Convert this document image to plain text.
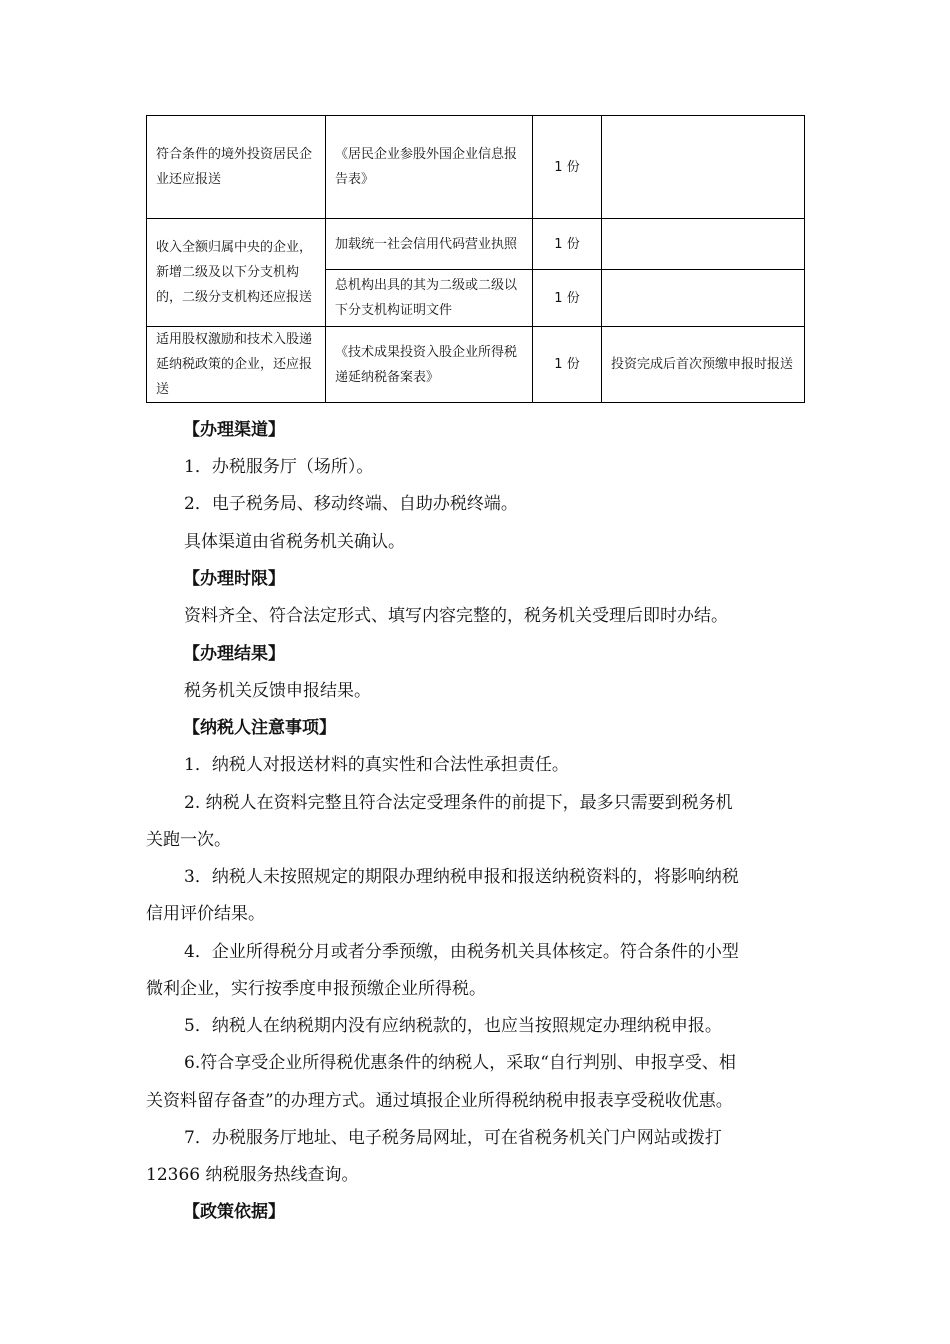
符合条件的境外投资居民企业还应报送	《居民企业参股外国企业信息报告表》	1 份	
收入全额归属中央的企业，新增二级及以下分支机构的，二级分支机构还应报送	加载统一社会信用代码营业执照	1 份	
	总机构出具的其为二级或二级以下分支机构证明文件	1 份	
适用股权激励和技术入股递延纳税政策的企业，还应报送	《技术成果投资入股企业所得税递延纳税备案表》	1 份	投资完成后首次预缴申报时报送
【办理渠道】
1．办税服务厅（场所）。
2．电子税务局、移动终端、自助办税终端。
具体渠道由省税务机关确认。
【办理时限】
资料齐全、符合法定形式、填写内容完整的，税务机关受理后即时办结。
【办理结果】
税务机关反馈申报结果。
【纳税人注意事项】
1．纳税人对报送材料的真实性和合法性承担责任。
2. 纳税人在资料完整且符合法定受理条件的前提下，最多只需要到税务机
关跑一次。
3．纳税人未按照规定的期限办理纳税申报和报送纳税资料的，将影响纳税
信用评价结果。
4．企业所得税分月或者分季预缴，由税务机关具体核定。符合条件的小型
微利企业，实行按季度申报预缴企业所得税。
5．纳税人在纳税期内没有应纳税款的，也应当按照规定办理纳税申报。
6.符合享受企业所得税优惠条件的纳税人，采取“自行判别、申报享受、相
关资料留存备查”的办理方式。通过填报企业所得税纳税申报表享受税收优惠。
7．办税服务厅地址、电子税务局网址，可在省税务机关门户网站或拨打
12366 纳税服务热线查询。
【政策依据】
